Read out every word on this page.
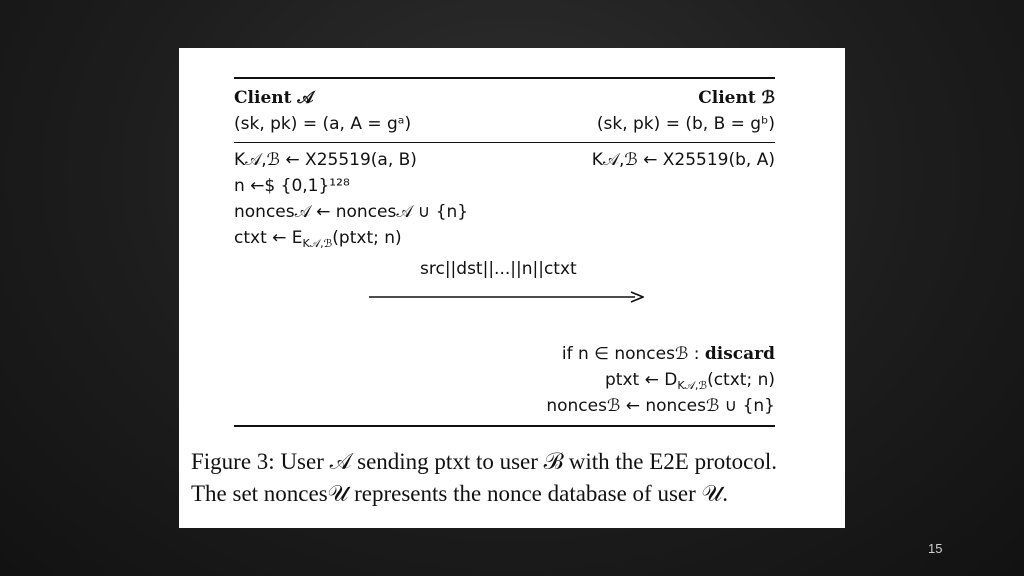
Client 𝒜	Client ℬ
(sk, pk) = (a, A = gᵃ)	(sk, pk) = (b, B = gᵇ)
K𝒜,ℬ ← X25519(a, B)	K𝒜,ℬ ← X25519(b, A)
n ←$ {0,1}¹²⁸
nonces𝒜 ← nonces𝒜 ∪ {n}
ctxt ← $E_{K𝒜,ℬ}(ptxt$; n)
src||dst||...||n||ctxt
if n ∈ noncesℬ : discard
ptxt ← $D_{K𝒜,ℬ}(ctxt$; n)
noncesℬ ← noncesℬ ∪ {n}
Figure 3: User 𝒜 sending ptxt to user ℬ with the E2E protocol.
The set nonces𝒰 represents the nonce database of user 𝒰.
15
